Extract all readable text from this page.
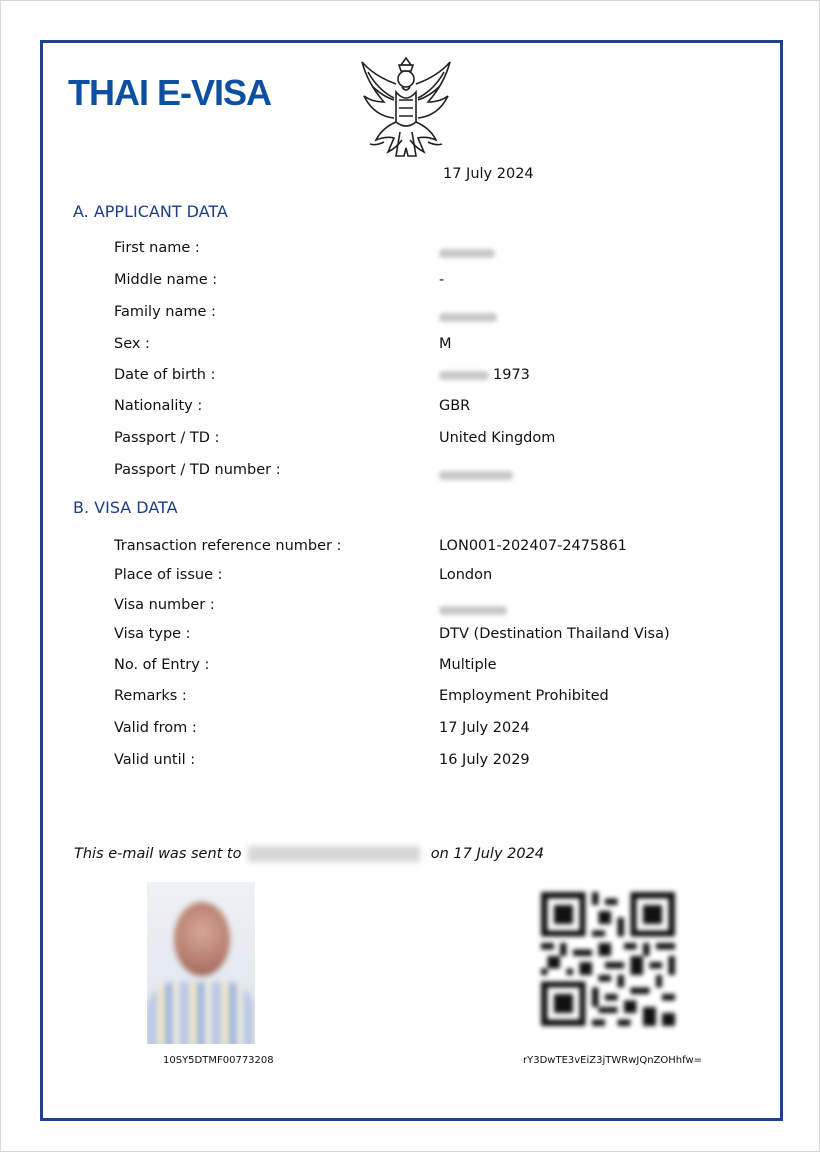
THAI E-VISA
17 July 2024
A. APPLICANT DATA
First name :
Middle name :	-
Family name :
Sex :	M
Date of birth :	1973
Nationality :	GBR
Passport / TD :	United Kingdom
Passport / TD number :
B. VISA DATA
Transaction reference number :	LON001-202407-2475861
Place of issue :	London
Visa number :
Visa type :	DTV (Destination Thailand Visa)
No. of Entry :	Multiple
Remarks :	Employment Prohibited
Valid from :	17 July 2024
Valid until :	16 July 2029
This e-mail was sent to	on 17 July 2024
10SY5DTMF00773208	rY3DwTE3vEiZ3jTWRwJQnZOHhfw=
